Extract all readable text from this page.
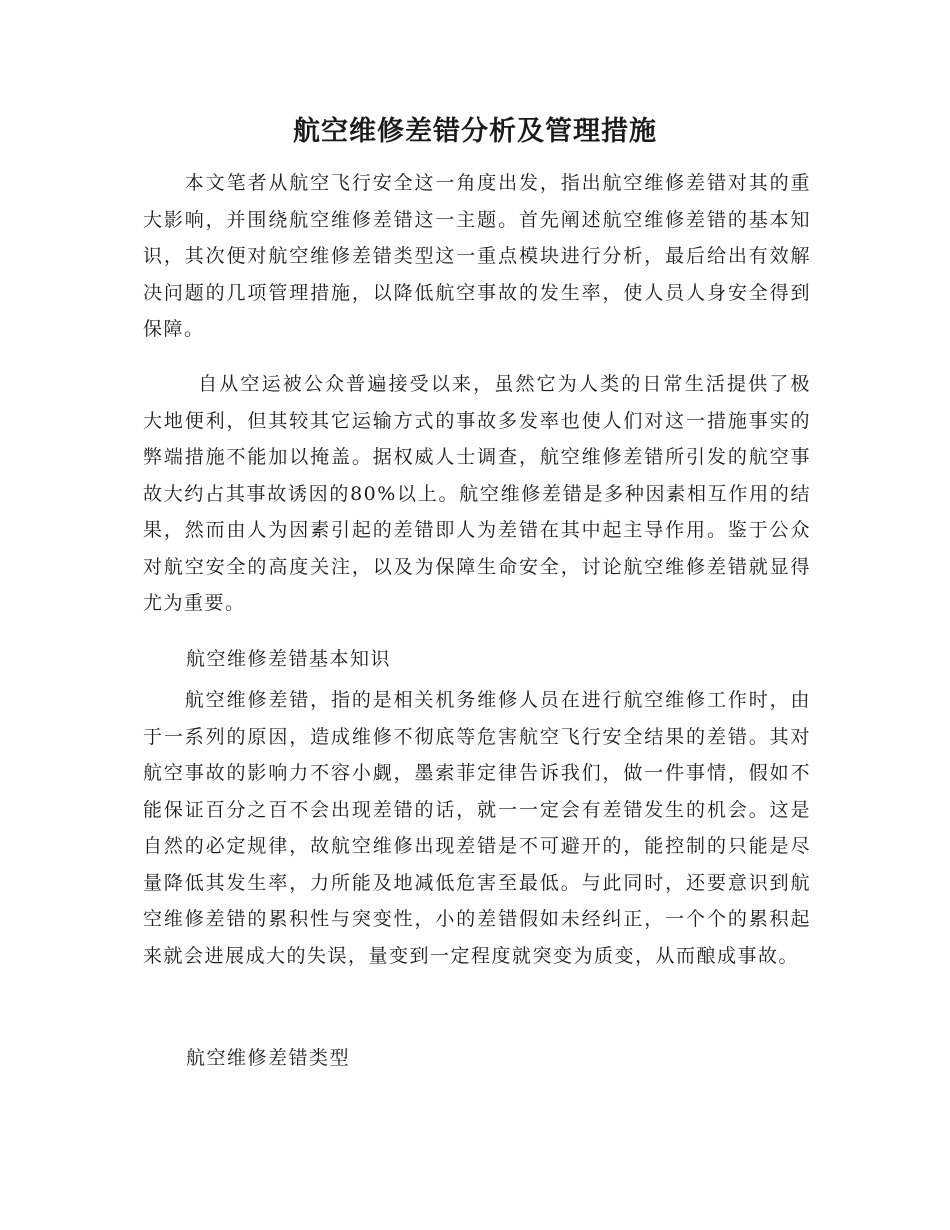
航空维修差错分析及管理措施

本文笔者从航空飞行安全这一角度出发，指出航空维修差错对其的重大影响，并围绕航空维修差错这一主题。首先阐述航空维修差错的基本知识，其次便对航空维修差错类型这一重点模块进行分析，最后给出有效解决问题的几项管理措施，以降低航空事故的发生率，使人员人身安全得到保障。

自从空运被公众普遍接受以来，虽然它为人类的日常生活提供了极大地便利，但其较其它运输方式的事故多发率也使人们对这一措施事实的弊端措施不能加以掩盖。据权威人士调查，航空维修差错所引发的航空事故大约占其事故诱因的80%以上。航空维修差错是多种因素相互作用的结果，然而由人为因素引起的差错即人为差错在其中起主导作用。鉴于公众对航空安全的高度关注，以及为保障生命安全，讨论航空维修差错就显得尤为重要。

航空维修差错基本知识

航空维修差错，指的是相关机务维修人员在进行航空维修工作时，由于一系列的原因，造成维修不彻底等危害航空飞行安全结果的差错。其对航空事故的影响力不容小觑，墨索菲定律告诉我们，做一件事情，假如不能保证百分之百不会出现差错的话，就一一定会有差错发生的机会。这是自然的必定规律，故航空维修出现差错是不可避开的，能控制的只能是尽量降低其发生率，力所能及地减低危害至最低。与此同时，还要意识到航空维修差错的累积性与突变性，小的差错假如未经纠正，一个个的累积起来就会进展成大的失误，量变到一定程度就突变为质变，从而酿成事故。

航空维修差错类型
